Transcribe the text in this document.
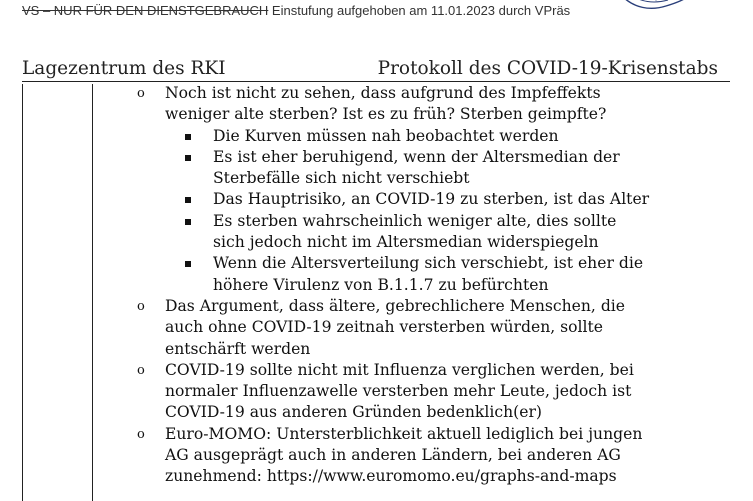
VS – NUR FÜR DEN DIENSTGEBRAUCH Einstufung aufgehoben am 11.01.2023 durch VPräs
Lagezentrum des RKI	Protokoll des COVID-19-Krisenstabs
o Noch ist nicht zu sehen, dass aufgrund des Impfeffekts weniger alte sterben? Ist es zu früh? Sterben geimpfte?
Die Kurven müssen nah beobachtet werden
Es ist eher beruhigend, wenn der Altersmedian der Sterbefälle sich nicht verschiebt
Das Hauptrisiko, an COVID-19 zu sterben, ist das Alter
Es sterben wahrscheinlich weniger alte, dies sollte sich jedoch nicht im Altersmedian widerspiegeln
Wenn die Altersverteilung sich verschiebt, ist eher die höhere Virulenz von B.1.1.7 zu befürchten
o Das Argument, dass ältere, gebrechlichere Menschen, die auch ohne COVID-19 zeitnah versterben würden, sollte entschärft werden
o COVID-19 sollte nicht mit Influenza verglichen werden, bei normaler Influenzawelle versterben mehr Leute, jedoch ist COVID-19 aus anderen Gründen bedenklich(er)
o Euro-MOMO: Untersterblichkeit aktuell lediglich bei jungen AG ausgeprägt auch in anderen Ländern, bei anderen AG zunehmend: https://www.euromomo.eu/graphs-and-maps
